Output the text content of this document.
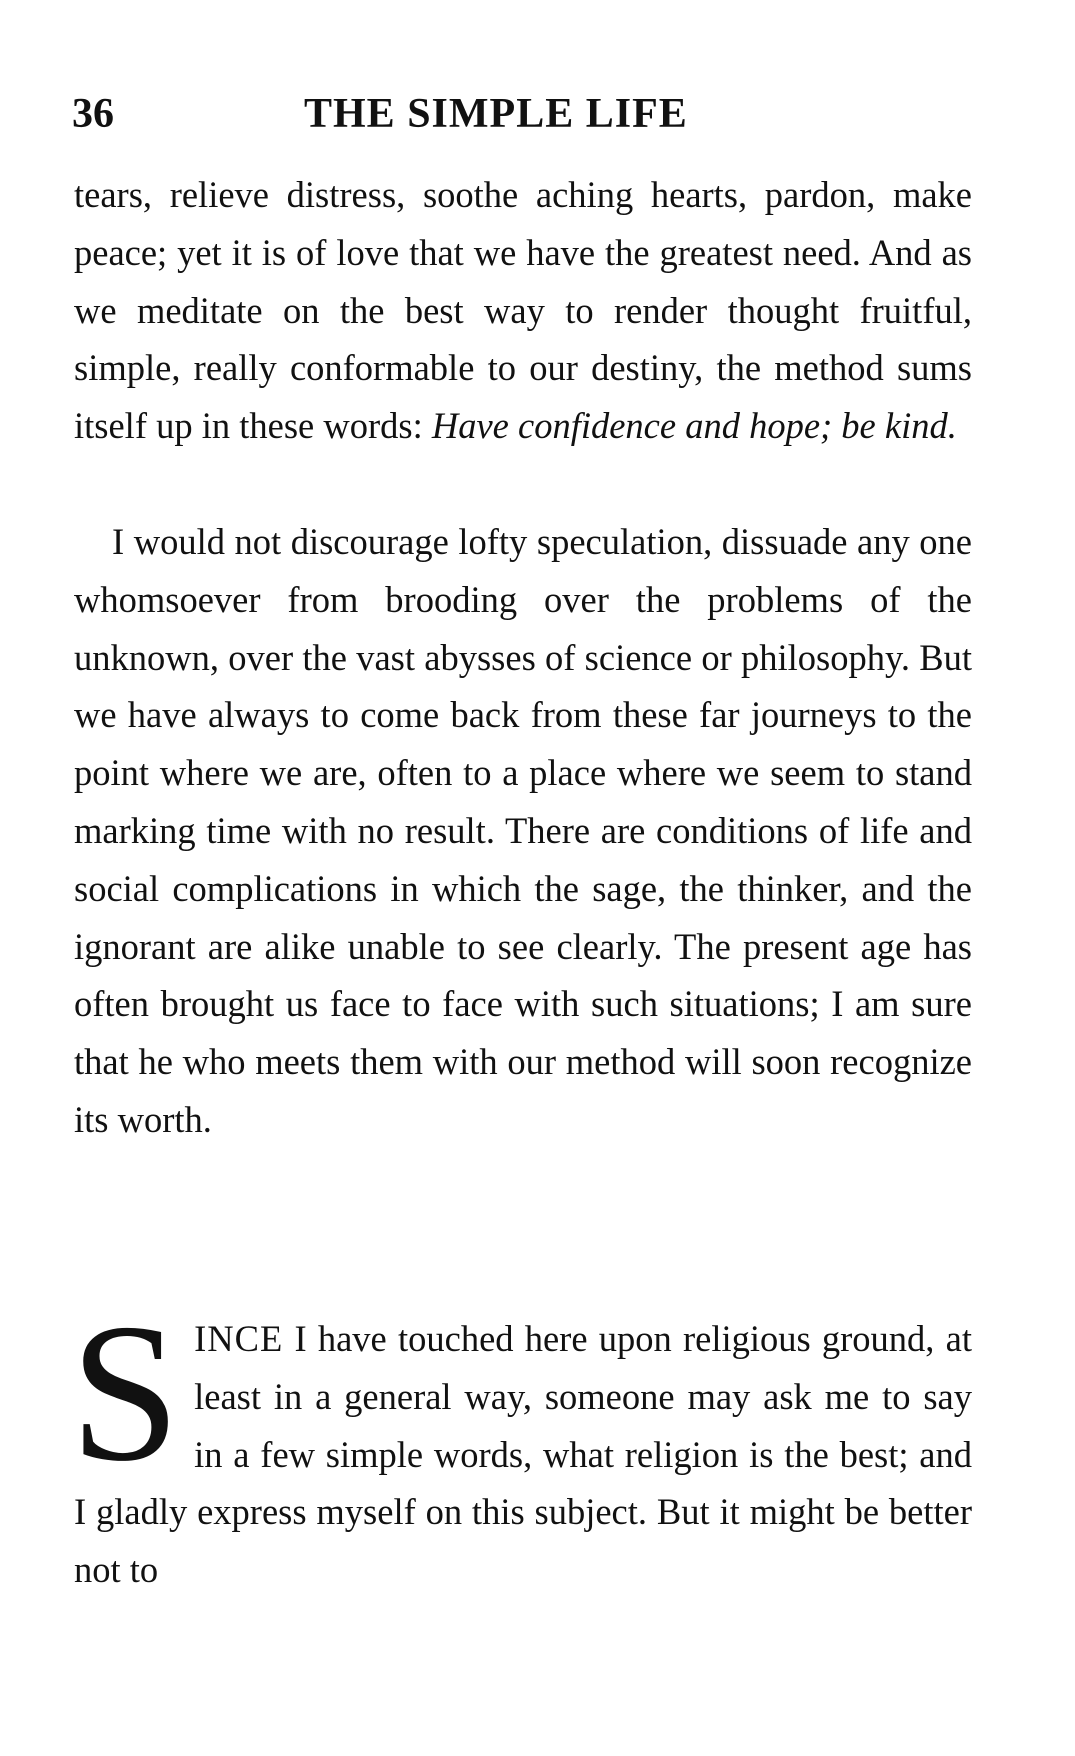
36	THE SIMPLE LIFE

tears, relieve distress, soothe aching hearts, pardon, make peace; yet it is of love that we have the greatest need. And as we meditate on the best way to render thought fruitful, simple, really conformable to our destiny, the method sums itself up in these words: Have confidence and hope; be kind.

I would not discourage lofty speculation, dissuade any one whomsoever from brooding over the problems of the unknown, over the vast abysses of science or philosophy. But we have always to come back from these far journeys to the point where we are, often to a place where we seem to stand marking time with no result. There are conditions of life and social complications in which the sage, the thinker, and the ignorant are alike unable to see clearly. The present age has often brought us face to face with such situations; I am sure that he who meets them with our method will soon recognize its worth.

SINCE I have touched here upon religious ground, at least in a general way, someone may ask me to say in a few simple words, what religion is the best; and I gladly express myself on this subject. But it might be better not to
